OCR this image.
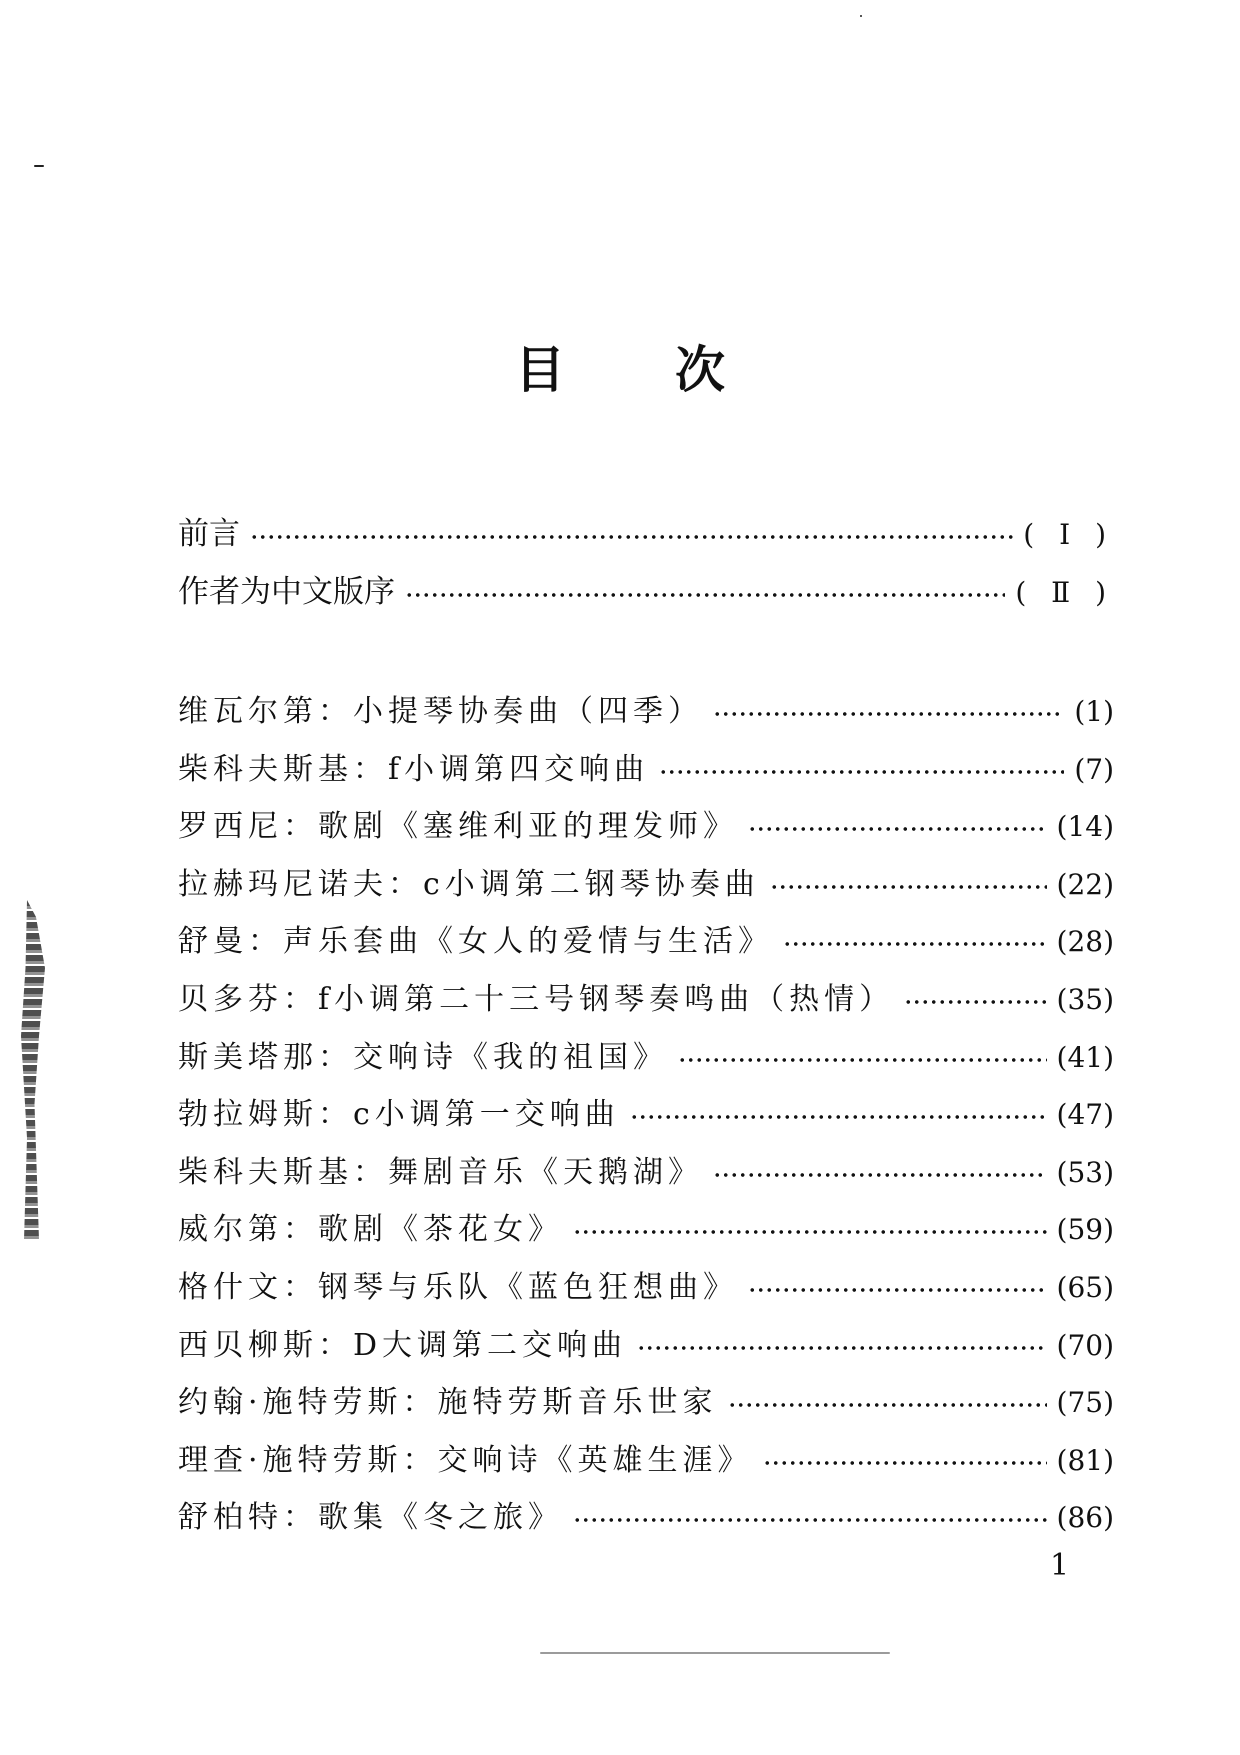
目 次
前言	( Ⅰ )
作者为中文版序	( Ⅱ )
维瓦尔第：小提琴协奏曲（四季）	(1)
柴科夫斯基：f小调第四交响曲	(7)
罗西尼：歌剧《塞维利亚的理发师》	(14)
拉赫玛尼诺夫：c小调第二钢琴协奏曲	(22)
舒曼：声乐套曲《女人的爱情与生活》	(28)
贝多芬：f小调第二十三号钢琴奏鸣曲（热情）	(35)
斯美塔那：交响诗《我的祖国》	(41)
勃拉姆斯：c小调第一交响曲	(47)
柴科夫斯基：舞剧音乐《天鹅湖》	(53)
威尔第：歌剧《茶花女》	(59)
格什文：钢琴与乐队《蓝色狂想曲》	(65)
西贝柳斯：D大调第二交响曲	(70)
约翰·施特劳斯：施特劳斯音乐世家	(75)
理查·施特劳斯：交响诗《英雄生涯》	(81)
舒柏特：歌集《冬之旅》	(86)
1
